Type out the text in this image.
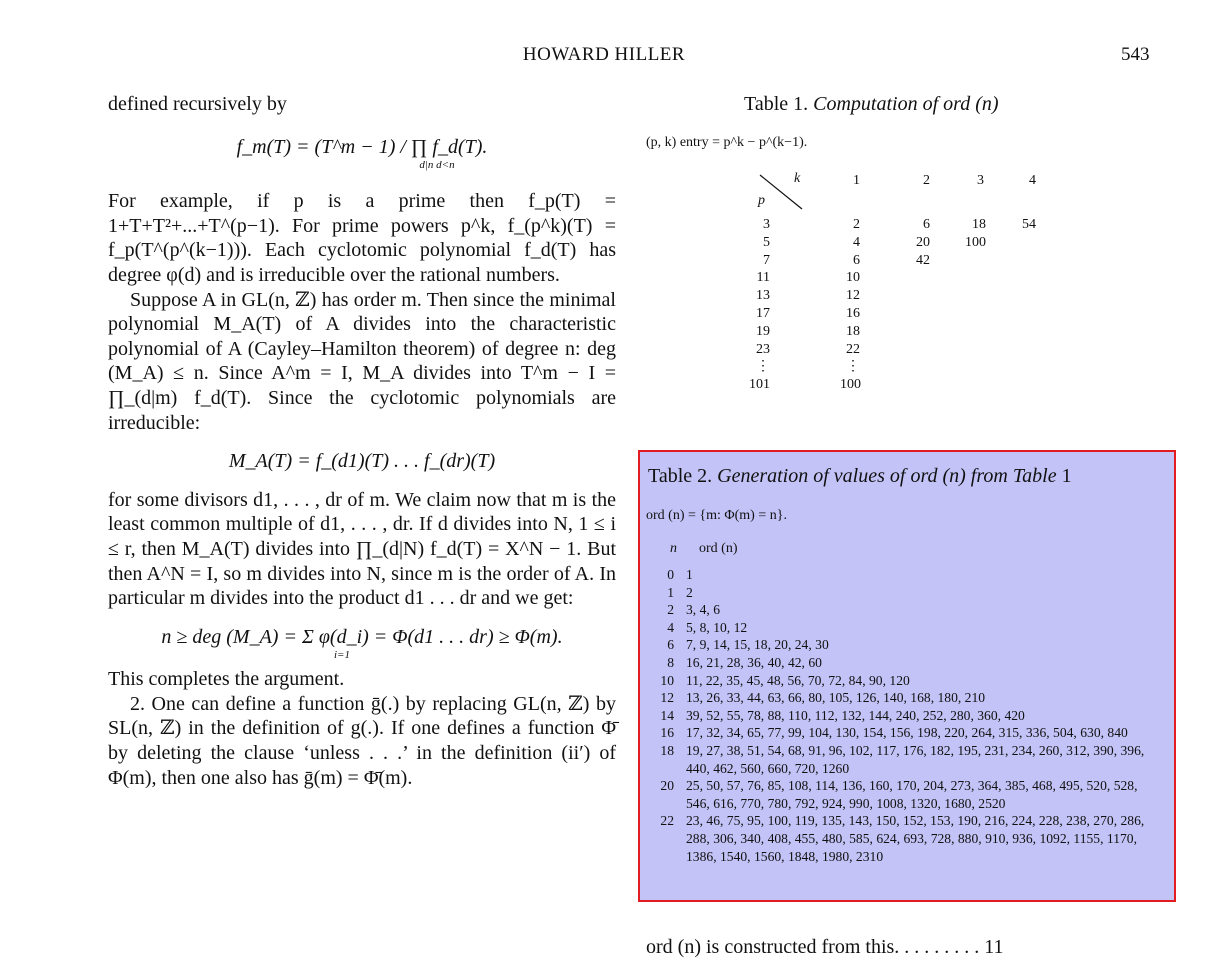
HOWARD HILLER	543

defined recursively by

f_m(T) = (T^m − 1) / ∏ f_d(T).
d|n d<n

For example, if p is a prime then f_p(T) = 1+T+T²+...+T^(p−1). For prime powers p^k, f_(p^k)(T) = f_p(T^(p^(k−1))). Each cyclotomic polynomial f_d(T) has degree φ(d) and is irreducible over the rational numbers.

Suppose A in GL(n, ℤ) has order m. Then since the minimal polynomial M_A(T) of A divides into the characteristic polynomial of A (Cayley–Hamilton theorem) of degree n: deg (M_A) ≤ n. Since A^m = I, M_A divides into T^m − I = ∏_(d|m) f_d(T). Since the cyclotomic polynomials are irreducible:

M_A(T) = f_(d1)(T) . . . f_(dr)(T)

for some divisors d1, . . . , dr of m. We claim now that m is the least common multiple of d1, . . . , dr. If d divides into N, 1 ≤ i ≤ r, then M_A(T) divides into ∏_(d|N) f_d(T) = X^N − 1. But then A^N = I, so m divides into N, since m is the order of A. In particular m divides into the product d1 . . . dr and we get:

n ≥ deg (M_A) = Σ φ(d_i) = Φ(d1 . . . dr) ≥ Φ(m).
i=1

This completes the argument.

2. One can define a function ḡ(.) by replacing GL(n, ℤ) by SL(n, ℤ) in the definition of g(.). If one defines a function Φ̄ by deleting the clause ‘unless . . .’ in the definition (ii′) of Φ(m), then one also has ḡ(m) = Φ̄(m).

Table 1. Computation of ord (n)
(p, k) entry = p^k − p^(k−1).
k
p
1	2	3	4
3	2	6	18	54
5	4	20	100
7	6	42
11	10
13	12
17	16
19	18
23	22
⋮	⋮
101	100
Table 2. Generation of values of ord (n) from Table 1
ord (n) = {m: Φ(m) = n}.
n ord (n)
0 1
1 2
2 3, 4, 6
4 5, 8, 10, 12
6 7, 9, 14, 15, 18, 20, 24, 30
8 16, 21, 28, 36, 40, 42, 60
10 11, 22, 35, 45, 48, 56, 70, 72, 84, 90, 120
12 13, 26, 33, 44, 63, 66, 80, 105, 126, 140, 168, 180, 210
14 39, 52, 55, 78, 88, 110, 112, 132, 144, 240, 252, 280, 360, 420
16 17, 32, 34, 65, 77, 99, 104, 130, 154, 156, 198, 220, 264, 315, 336, 504, 630, 840
18 19, 27, 38, 51, 54, 68, 91, 96, 102, 117, 176, 182, 195, 231, 234, 260, 312, 390, 396, 440, 462, 560, 660, 720, 1260
20 25, 50, 57, 76, 85, 108, 114, 136, 160, 170, 204, 273, 364, 385, 468, 495, 520, 528, 546, 616, 770, 780, 792, 924, 990, 1008, 1320, 1680, 2520
22 23, 46, 75, 95, 100, 119, 135, 143, 150, 152, 153, 190, 216, 224, 228, 238, 270, 286, 288, 306, 340, 408, 455, 480, 585, 624, 693, 728, 880, 910, 936, 1092, 1155, 1170, 1386, 1540, 1560, 1848, 1980, 2310
ord (n) is constructed from this. . . . . . . . . 11
